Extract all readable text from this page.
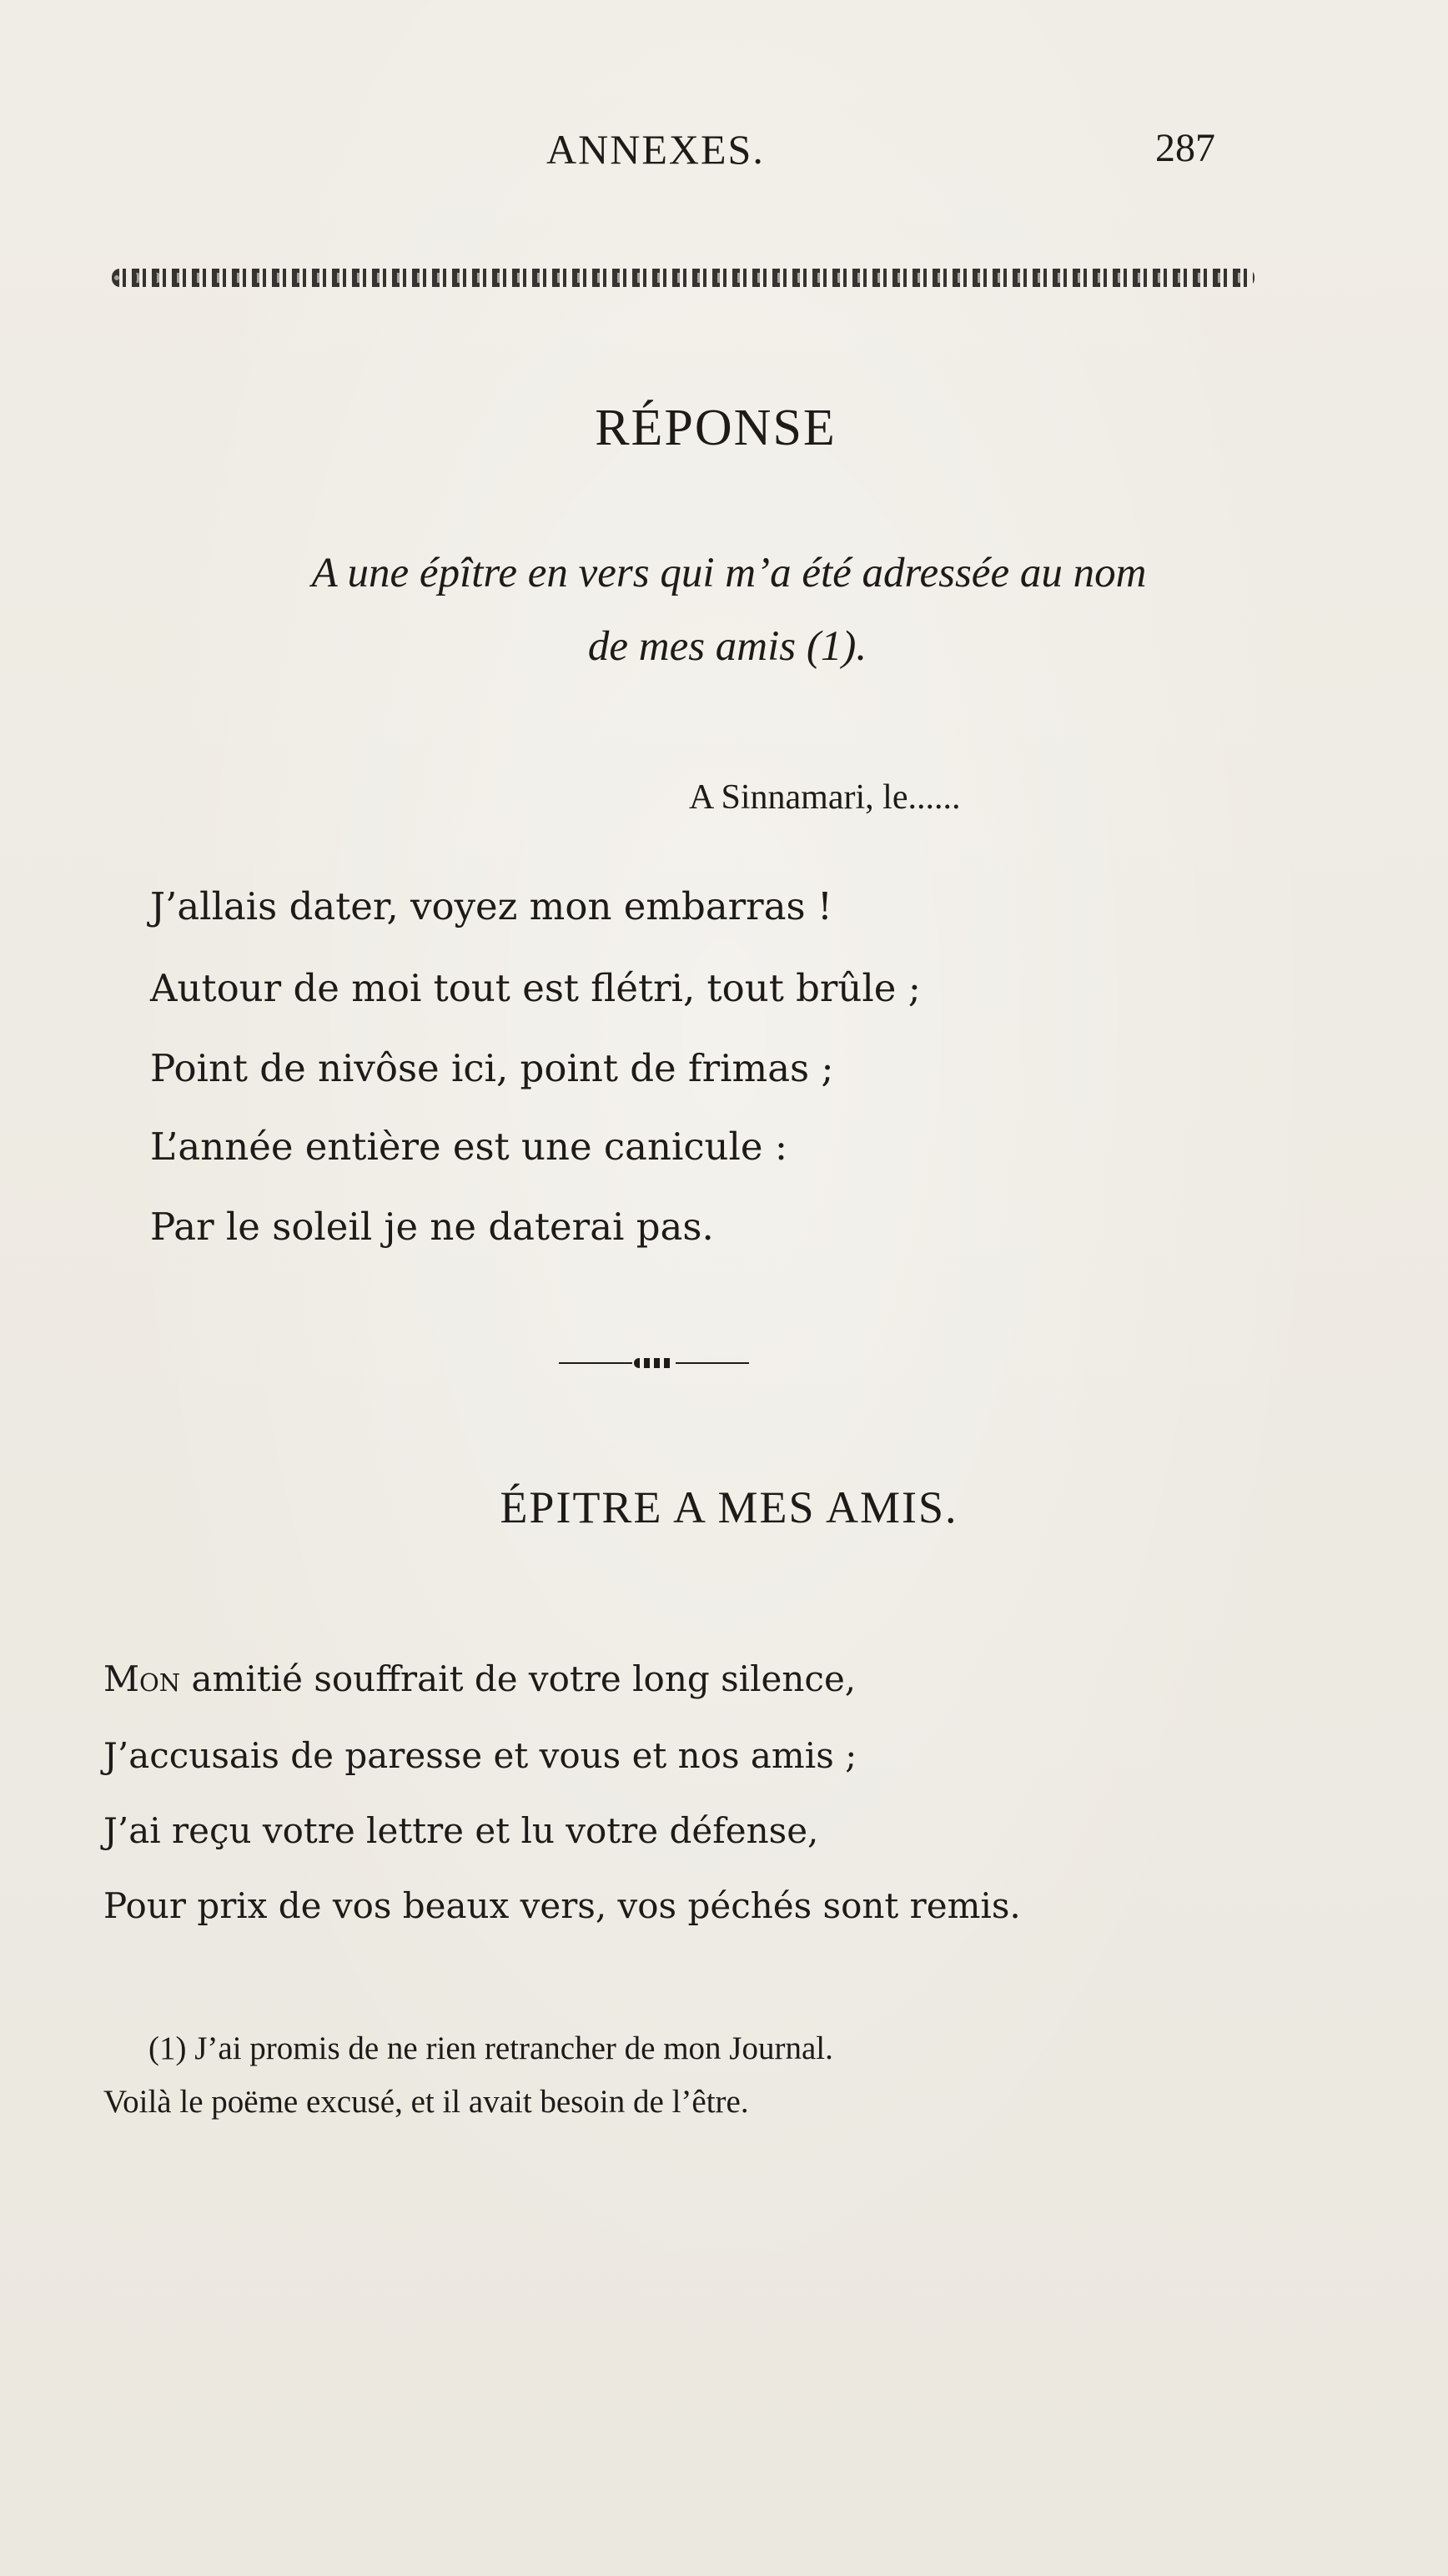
ANNEXES.	287
RÉPONSE
A une épître en vers qui m’a été adressée au nom
de mes amis (1).
A Sinnamari, le......
J’allais dater, voyez mon embarras !
Autour de moi tout est flétri, tout brûle ;
Point de nivôse ici, point de frimas ;
L’année entière est une canicule :
Par le soleil je ne daterai pas.
ÉPITRE A MES AMIS.
Mon amitié souffrait de votre long silence,
J’accusais de paresse et vous et nos amis ;
J’ai reçu votre lettre et lu votre défense,
Pour prix de vos beaux vers, vos péchés sont remis.
(1) J’ai promis de ne rien retrancher de mon Journal.
Voilà le poëme excusé, et il avait besoin de l’être.
